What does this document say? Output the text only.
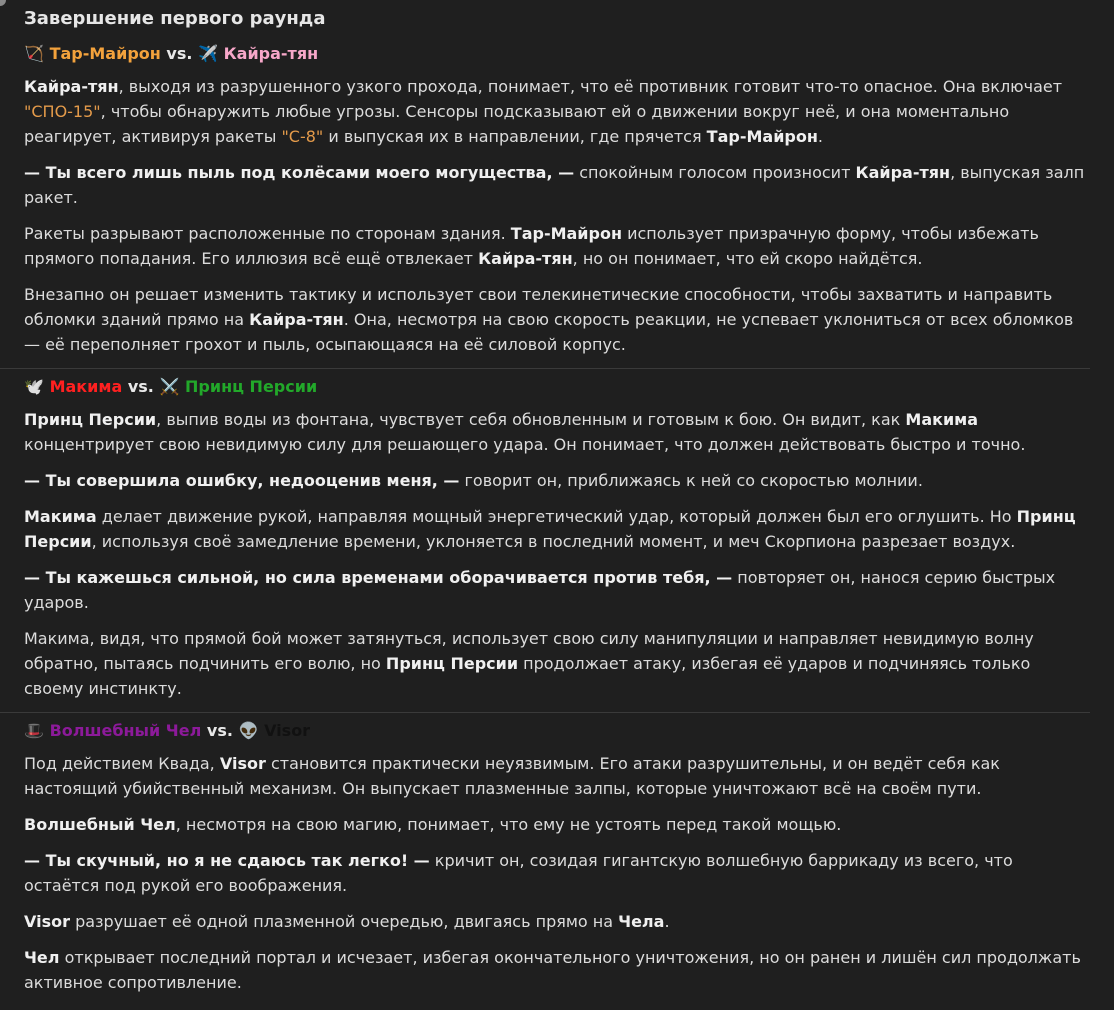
Завершение первого раунда
🏹 Тар-Майрон vs. ✈️ Кайра-тян

Кайра-тян, выходя из разрушенного узкого прохода, понимает, что её противник готовит что-то опасное. Она включает "СПО-15", чтобы обнаружить любые угрозы. Сенсоры подсказывают ей о движении вокруг неё, и она моментально реагирует, активируя ракеты "С-8" и выпуская их в направлении, где прячется Тар-Майрон.

— Ты всего лишь пыль под колёсами моего могущества, — спокойным голосом произносит Кайра-тян, выпуская залп ракет.

Ракеты разрывают расположенные по сторонам здания. Тар-Майрон использует призрачную форму, чтобы избежать прямого попадания. Его иллюзия всё ещё отвлекает Кайра-тян, но он понимает, что ей скоро найдётся.

Внезапно он решает изменить тактику и использует свои телекинетические способности, чтобы захватить и направить обломки зданий прямо на Кайра-тян. Она, несмотря на свою скорость реакции, не успевает уклониться от всех обломков — её переполняет грохот и пыль, осыпающаяся на её силовой корпус.

🕊️ Макима vs. ⚔️ Принц Персии

Принц Персии, выпив воды из фонтана, чувствует себя обновленным и готовым к бою. Он видит, как Макима концентрирует свою невидимую силу для решающего удара. Он понимает, что должен действовать быстро и точно.

— Ты совершила ошибку, недооценив меня, — говорит он, приближаясь к ней со скоростью молнии.

Макима делает движение рукой, направляя мощный энергетический удар, который должен был его оглушить. Но Принц Персии, используя своё замедление времени, уклоняется в последний момент, и меч Скорпиона разрезает воздух.

— Ты кажешься сильной, но сила временами оборачивается против тебя, — повторяет он, нанося серию быстрых ударов.

Макима, видя, что прямой бой может затянуться, использует свою силу манипуляции и направляет невидимую волну обратно, пытаясь подчинить его волю, но Принц Персии продолжает атаку, избегая её ударов и подчиняясь только своему инстинкту.

🎩 Волшебный Чел vs. 👽 Visor

Под действием Квада, Visor становится практически неуязвимым. Его атаки разрушительны, и он ведёт себя как настоящий убийственный механизм. Он выпускает плазменные залпы, которые уничтожают всё на своём пути.

Волшебный Чел, несмотря на свою магию, понимает, что ему не устоять перед такой мощью.

— Ты скучный, но я не сдаюсь так легко! — кричит он, созидая гигантскую волшебную баррикаду из всего, что остаётся под рукой его воображения.

Visor разрушает её одной плазменной очередью, двигаясь прямо на Чела.

Чел открывает последний портал и исчезает, избегая окончательного уничтожения, но он ранен и лишён сил продолжать активное сопротивление.
